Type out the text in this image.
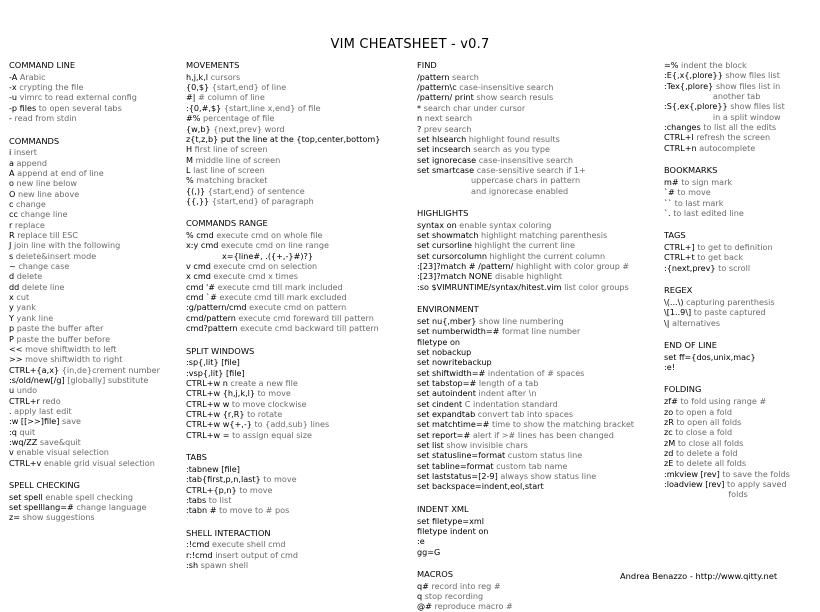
VIM CHEATSHEET - v0.7
COMMAND LINE
-A Arabic
-x crypting the file
-u vimrc to read external config
-p files to open several tabs
- read from stdin
COMMANDS
i insert
a append
A append at end of line
o new line below
O new line above
c change
cc change line
r replace
R replace till ESC
J join line with the following
s delete&insert mode
~ change case
d delete
dd delete line
x cut
y yank
Y yank line
p paste the buffer after
P paste the buffer before
<< move shiftwidth to left
>> move shiftwidth to right
CTRL+{a,x} {in,de}crement number
:s/old/new[/g] [globally] substitute
u undo
CTRL+r redo
. apply last edit
:w [[>>]file] save
:q quit
:wq/ZZ save&quit
v enable visual selection
CTRL+v enable grid visual selection
SPELL CHECKING
set spell enable spell checking
set spelllang=# change language
z= show suggestions
MOVEMENTS
h,j,k,l cursors
{0,$} {start,end} of line
#| # column of line
:{0,#,$} {start,line x,end} of file
#% percentage of file
{w,b} {next,prev} word
z{t,z,b} put the line at the {top,center,bottom}
H first line of screen
M middle line of screen
L last line of screen
% matching bracket
{(,)} {start,end} of sentence
{{,}} {start,end} of paragraph
COMMANDS RANGE
% cmd execute cmd on whole file
x:y cmd execute cmd on line range
x={line#, .({+,-}#)?}
v cmd execute cmd on selection
x cmd execute cmd x times
cmd '# execute cmd till mark included
cmd `# execute cmd till mark excluded
:g/pattern/cmd execute cmd on pattern
cmd/pattern execute cmd foreward till pattern
cmd?pattern execute cmd backward till pattern
SPLIT WINDOWS
:sp{,lit} [file]
:vsp{,lit} [file]
CTRL+w n create a new file
CTRL+w {h,j,k,l} to move
CTRL+w w to move clockwise
CTRL+w {r,R} to rotate
CTRL+w w{+,-} to {add,sub} lines
CTRL+w = to assign equal size
TABS
:tabnew [file]
:tab{first,p,n,last} to move
CTRL+{p,n} to move
:tabs to list
:tabn # to move to # pos
SHELL INTERACTION
:!cmd execute shell cmd
r:!cmd insert output of cmd
:sh spawn shell
FIND
/pattern search
/pattern\c case-insensitive search
/pattern/ print show search resuls
* search char under cursor
n next search
? prev search
set hlsearch highlight found results
set incsearch search as you type
set ignorecase case-insensitive search
set smartcase case-sensitive search if 1+
uppercase chars in pattern
and ignorecase enabled
HIGHLIGHTS
syntax on enable syntax coloring
set showmatch highlight matching parenthesis
set cursorline highlight the current line
set cursorcolumn highlight the current column
:[23]?match # /pattern/ highlight with color group #
:[23]?match NONE disable highlight
:so $VIMRUNTIME/syntax/hitest.vim list color groups
ENVIRONMENT
set nu{,mber} show line numbering
set numberwidth=# format line number
filetype on
set nobackup
set nowritebackup
set shiftwidth=# indentation of # spaces
set tabstop=# length of a tab
set autoindent indent after \n
set cindent C indentation standard
set expandtab convert tab into spaces
set matchtime=# time to show the matching bracket
set report=# alert if ># lines has been changed
set list show invisible chars
set statusline=format custom status line
set tabline=format custom tab name
set laststatus=[2-9] always show status line
set backspace=indent,eol,start
INDENT XML
set filetype=xml
filetype indent on
:e
gg=G
MACROS
q# record into reg #
q stop recording
@# reproduce macro #
=% indent the block
:E{,x{,plore}} show files list
:Tex{,plore} show files list in
another tab
:S{,ex{,plore}} show files list
in a split window
:changes to list all the edits
CTRL+l refresh the screen
CTRL+n autocomplete
BOOKMARKS
m# to sign mark
`# to move
`` to last mark
`. to last edited line
TAGS
CTRL+] to get to definition
CTRL+t to get back
:{next,prev} to scroll
REGEX
\(...\) capturing parenthesis
\[1..9\] to paste captured
\| alternatives
END OF LINE
set ff={dos,unix,mac}
:e!
FOLDING
zf# to fold using range #
zo to open a fold
zR to open all folds
zc to close a fold
zM to close all folds
zd to delete a fold
zE to delete all folds
:mkview [rev] to save the folds
:loadview [rev] to apply saved
folds
Andrea Benazzo - http://www.qitty.net
